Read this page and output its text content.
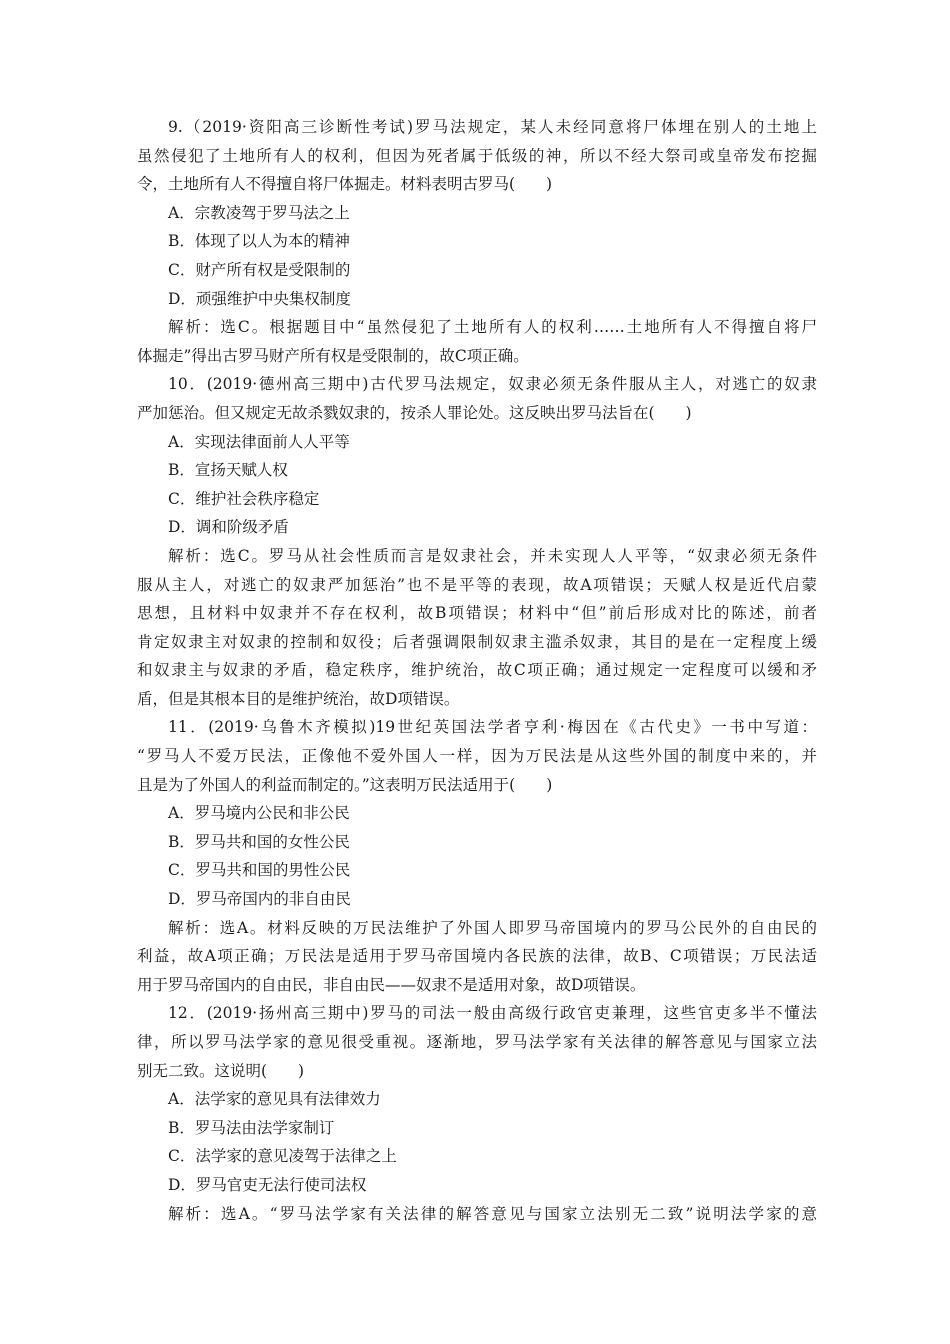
9.（2019·资阳高三诊断性考试)罗马法规定，某人未经同意将尸体埋在别人的土地上
虽然侵犯了土地所有人的权利，但因为死者属于低级的神，所以不经大祭司或皇帝发布挖掘
令，土地所有人不得擅自将尸体掘走。材料表明古罗马(　　)
A．宗教凌驾于罗马法之上
B．体现了以人为本的精神
C．财产所有权是受限制的
D．顽强维护中央集权制度
解析：选C。根据题目中“虽然侵犯了土地所有人的权利……土地所有人不得擅自将尸
体掘走”得出古罗马财产所有权是受限制的，故C项正确。
10．(2019·德州高三期中)古代罗马法规定，奴隶必须无条件服从主人，对逃亡的奴隶
严加惩治。但又规定无故杀戮奴隶的，按杀人罪论处。这反映出罗马法旨在(　　)
A．实现法律面前人人平等
B．宣扬天赋人权
C．维护社会秩序稳定
D．调和阶级矛盾
解析：选C。罗马从社会性质而言是奴隶社会，并未实现人人平等，“奴隶必须无条件
服从主人，对逃亡的奴隶严加惩治”也不是平等的表现，故A项错误；天赋人权是近代启蒙
思想，且材料中奴隶并不存在权利，故B项错误；材料中“但”前后形成对比的陈述，前者
肯定奴隶主对奴隶的控制和奴役；后者强调限制奴隶主滥杀奴隶，其目的是在一定程度上缓
和奴隶主与奴隶的矛盾，稳定秩序，维护统治，故C项正确；通过规定一定程度可以缓和矛
盾，但是其根本目的是维护统治，故D项错误。
11．(2019·乌鲁木齐模拟)19世纪英国法学者亨利·梅因在《古代史》一书中写道：
“罗马人不爱万民法，正像他不爱外国人一样，因为万民法是从这些外国的制度中来的，并
且是为了外国人的利益而制定的。”这表明万民法适用于(　　)
A．罗马境内公民和非公民
B．罗马共和国的女性公民
C．罗马共和国的男性公民
D．罗马帝国内的非自由民
解析：选A。材料反映的万民法维护了外国人即罗马帝国境内的罗马公民外的自由民的
利益，故A项正确；万民法是适用于罗马帝国境内各民族的法律，故B、C项错误；万民法适
用于罗马帝国内的自由民，非自由民——奴隶不是适用对象，故D项错误。
12．(2019·扬州高三期中)罗马的司法一般由高级行政官吏兼理，这些官吏多半不懂法
律，所以罗马法学家的意见很受重视。逐渐地，罗马法学家有关法律的解答意见与国家立法
别无二致。这说明(　　)
A．法学家的意见具有法律效力
B．罗马法由法学家制订
C．法学家的意见凌驾于法律之上
D．罗马官吏无法行使司法权
解析：选A。“罗马法学家有关法律的解答意见与国家立法别无二致”说明法学家的意
